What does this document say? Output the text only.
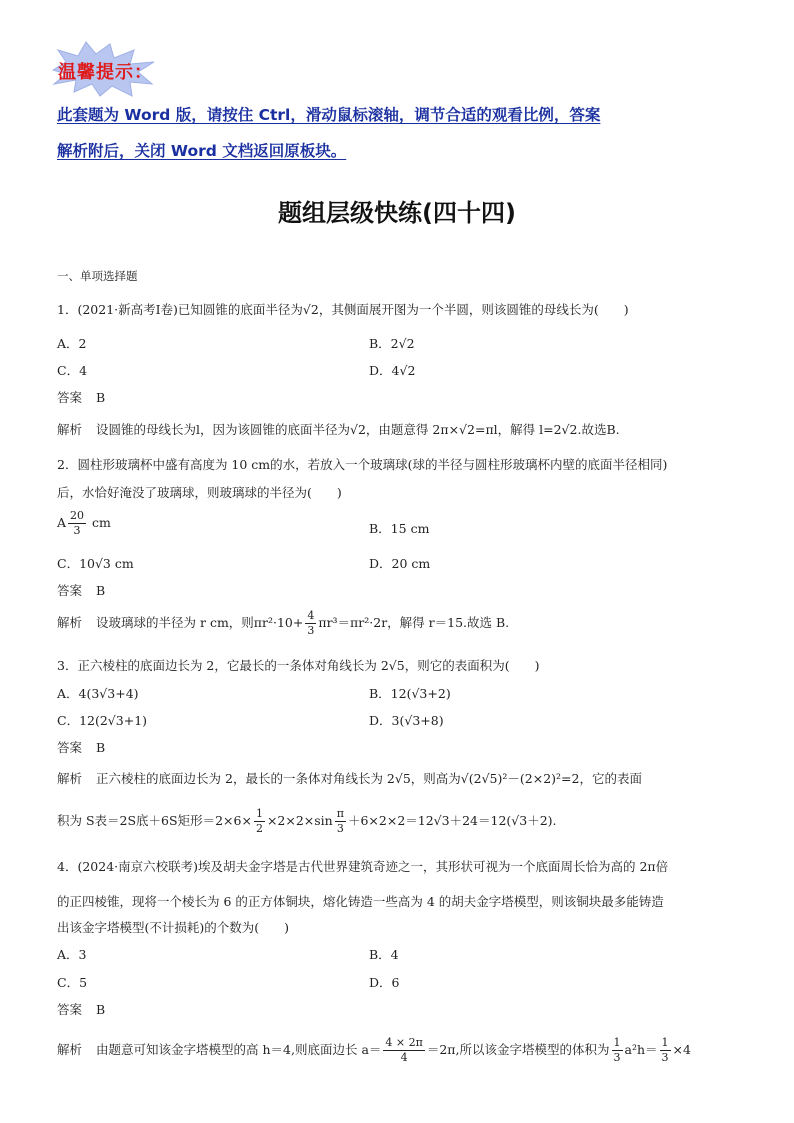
温馨提示：
此套题为 Word 版，请按住 Ctrl，滑动鼠标滚轴，调节合适的观看比例，答案
解析附后，关闭 Word 文档返回原板块。
题组层级快练(四十四)
一、单项选择题
1．(2021·新高考Ⅰ卷)已知圆锥的底面半径为√2，其侧面展开图为一个半圆，则该圆锥的母线长为(　　)
A．2	B．2√2
C．4	D．4√2
答案 B
解析 设圆锥的母线长为l，因为该圆锥的底面半径为√2，由题意得 2π×√2=πl，解得 l=2√2.故选B.
2．圆柱形玻璃杯中盛有高度为 10 cm的水，若放入一个玻璃球(球的半径与圆柱形玻璃杯内壁的底面半径相同)
后，水恰好淹没了玻璃球，则玻璃球的半径为(　　)
A $\frac{20}{3}$ cm	B．15 cm
C．10√3 cm	D．20 cm
答案 B
解析 设玻璃球的半径为 r cm，则$\pi r^2\cdot 10+ \frac{4}{3} \pi r^3=\pi r^2\cdot 2r$，解得 r＝15.故选 B.
3．正六棱柱的底面边长为 2，它最长的一条体对角线长为 2√5，则它的表面积为(　　)
A．4(3√3+4)	B．12(√3+2)
C．12(2√3+1)	D．3(√3+8)
答案 B
解析 正六棱柱的底面边长为 2，最长的一条体对角线长为 2√5，则高为√(2√5)²－(2×2)²=2，它的表面
积为 S表＝2S底＋6S矩形$=2\times 6\times \frac{1}{2} \times 2\times 2\times\sin \frac{\pi}{3} +6\times 2\times 2=12√3+24=12(√3+2)$.
4．(2024·南京六校联考)埃及胡夫金字塔是古代世界建筑奇迹之一，其形状可视为一个底面周长恰为高的 2π倍
的正四棱锥，现将一个棱长为 6 的正方体铜块，熔化铸造一些高为 4 的胡夫金字塔模型，则该铜块最多能铸造
出该金字塔模型(不计损耗)的个数为(　　)
A．3	B．4
C．5	D．6
答案 B
解析 由题意可知该金字塔模型的高 h＝4,则底面边长 $a= \frac{4 \times 2\pi}{4} =2\pi$,所以该金字塔模型的体积为 $\frac{1}{3} a^2h= \frac{1}{3} \times 4$
